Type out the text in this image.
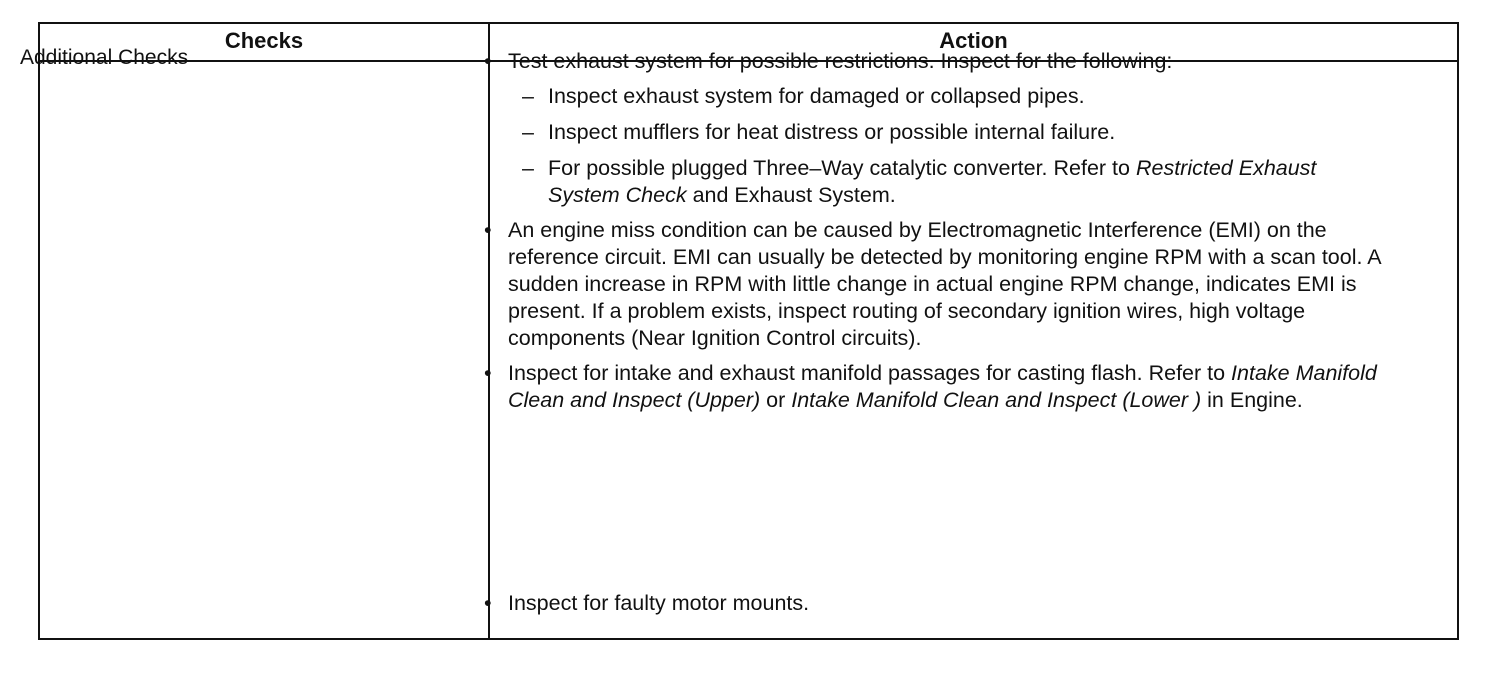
Checks	Action
Additional Checks	• Test exhaust system for possible restrictions. Inspect for the following:
– Inspect exhaust system for damaged or collapsed pipes.
– Inspect mufflers for heat distress or possible internal failure.
– For possible plugged Three–Way catalytic converter. Refer to Restricted Exhaust System Check and Exhaust System.
• An engine miss condition can be caused by Electromagnetic Interference (EMI) on the reference circuit. EMI can usually be detected by monitoring engine RPM with a scan tool. A sudden increase in RPM with little change in actual engine RPM change, indicates EMI is present. If a problem exists, inspect routing of secondary ignition wires, high voltage components (Near Ignition Control circuits).
• Inspect for intake and exhaust manifold passages for casting flash. Refer to Intake Manifold Clean and Inspect (Upper) or Intake Manifold Clean and Inspect (Lower ) in Engine.
• Inspect for faulty motor mounts.
